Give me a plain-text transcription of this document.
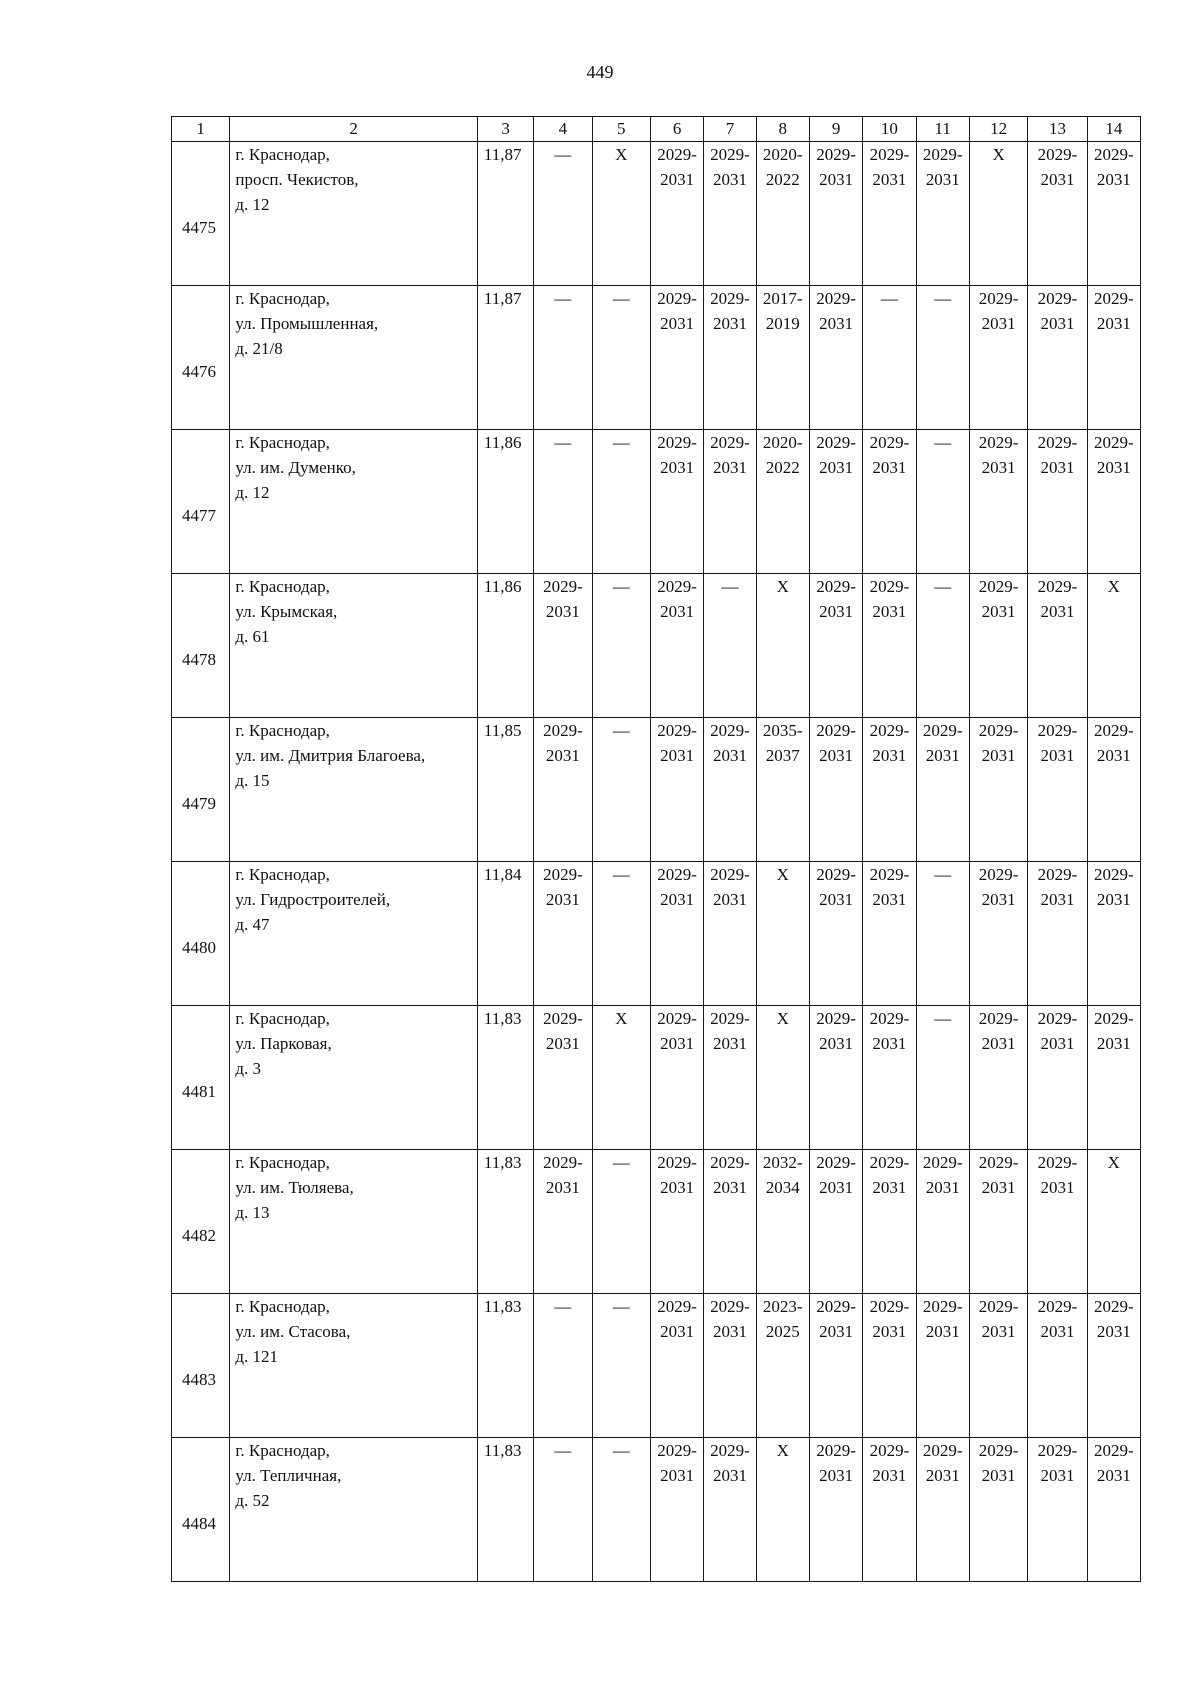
449
1	2	3	4	5	6	7	8	9	10	11	12	13	14
4475	г. Краснодар,
просп. Чекистов,
д. 12	11,87	—	Х	2029-
2031	2029-
2031	2020-
2022	2029-
2031	2029-
2031	2029-
2031	Х	2029-
2031	2029-
2031

4476	г. Краснодар,
ул. Промышленная,
д. 21/8	11,87	—	—	2029-
2031	2029-
2031	2017-
2019	2029-
2031	—	—	2029-
2031	2029-
2031	2029-
2031

4477	г. Краснодар,
ул. им. Думенко,
д. 12	11,86	—	—	2029-
2031	2029-
2031	2020-
2022	2029-
2031	2029-
2031	—	2029-
2031	2029-
2031	2029-
2031

4478	г. Краснодар,
ул. Крымская,
д. 61	11,86	2029-
2031	—	2029-
2031	—	Х	2029-
2031	2029-
2031	—	2029-
2031	2029-
2031	Х

4479	г. Краснодар,
ул. им. Дмитрия Благоева,
д. 15	11,85	2029-
2031	—	2029-
2031	2029-
2031	2035-
2037	2029-
2031	2029-
2031	2029-
2031	2029-
2031	2029-
2031	2029-
2031

4480	г. Краснодар,
ул. Гидростроителей,
д. 47	11,84	2029-
2031	—	2029-
2031	2029-
2031	Х	2029-
2031	2029-
2031	—	2029-
2031	2029-
2031	2029-
2031

4481	г. Краснодар,
ул. Парковая,
д. 3	11,83	2029-
2031	Х	2029-
2031	2029-
2031	Х	2029-
2031	2029-
2031	—	2029-
2031	2029-
2031	2029-
2031

4482	г. Краснодар,
ул. им. Тюляева,
д. 13	11,83	2029-
2031	—	2029-
2031	2029-
2031	2032-
2034	2029-
2031	2029-
2031	2029-
2031	2029-
2031	2029-
2031	Х

4483	г. Краснодар,
ул. им. Стасова,
д. 121	11,83	—	—	2029-
2031	2029-
2031	2023-
2025	2029-
2031	2029-
2031	2029-
2031	2029-
2031	2029-
2031	2029-
2031

4484	г. Краснодар,
ул. Тепличная,
д. 52	11,83	—	—	2029-
2031	2029-
2031	Х	2029-
2031	2029-
2031	2029-
2031	2029-
2031	2029-
2031	2029-
2031
